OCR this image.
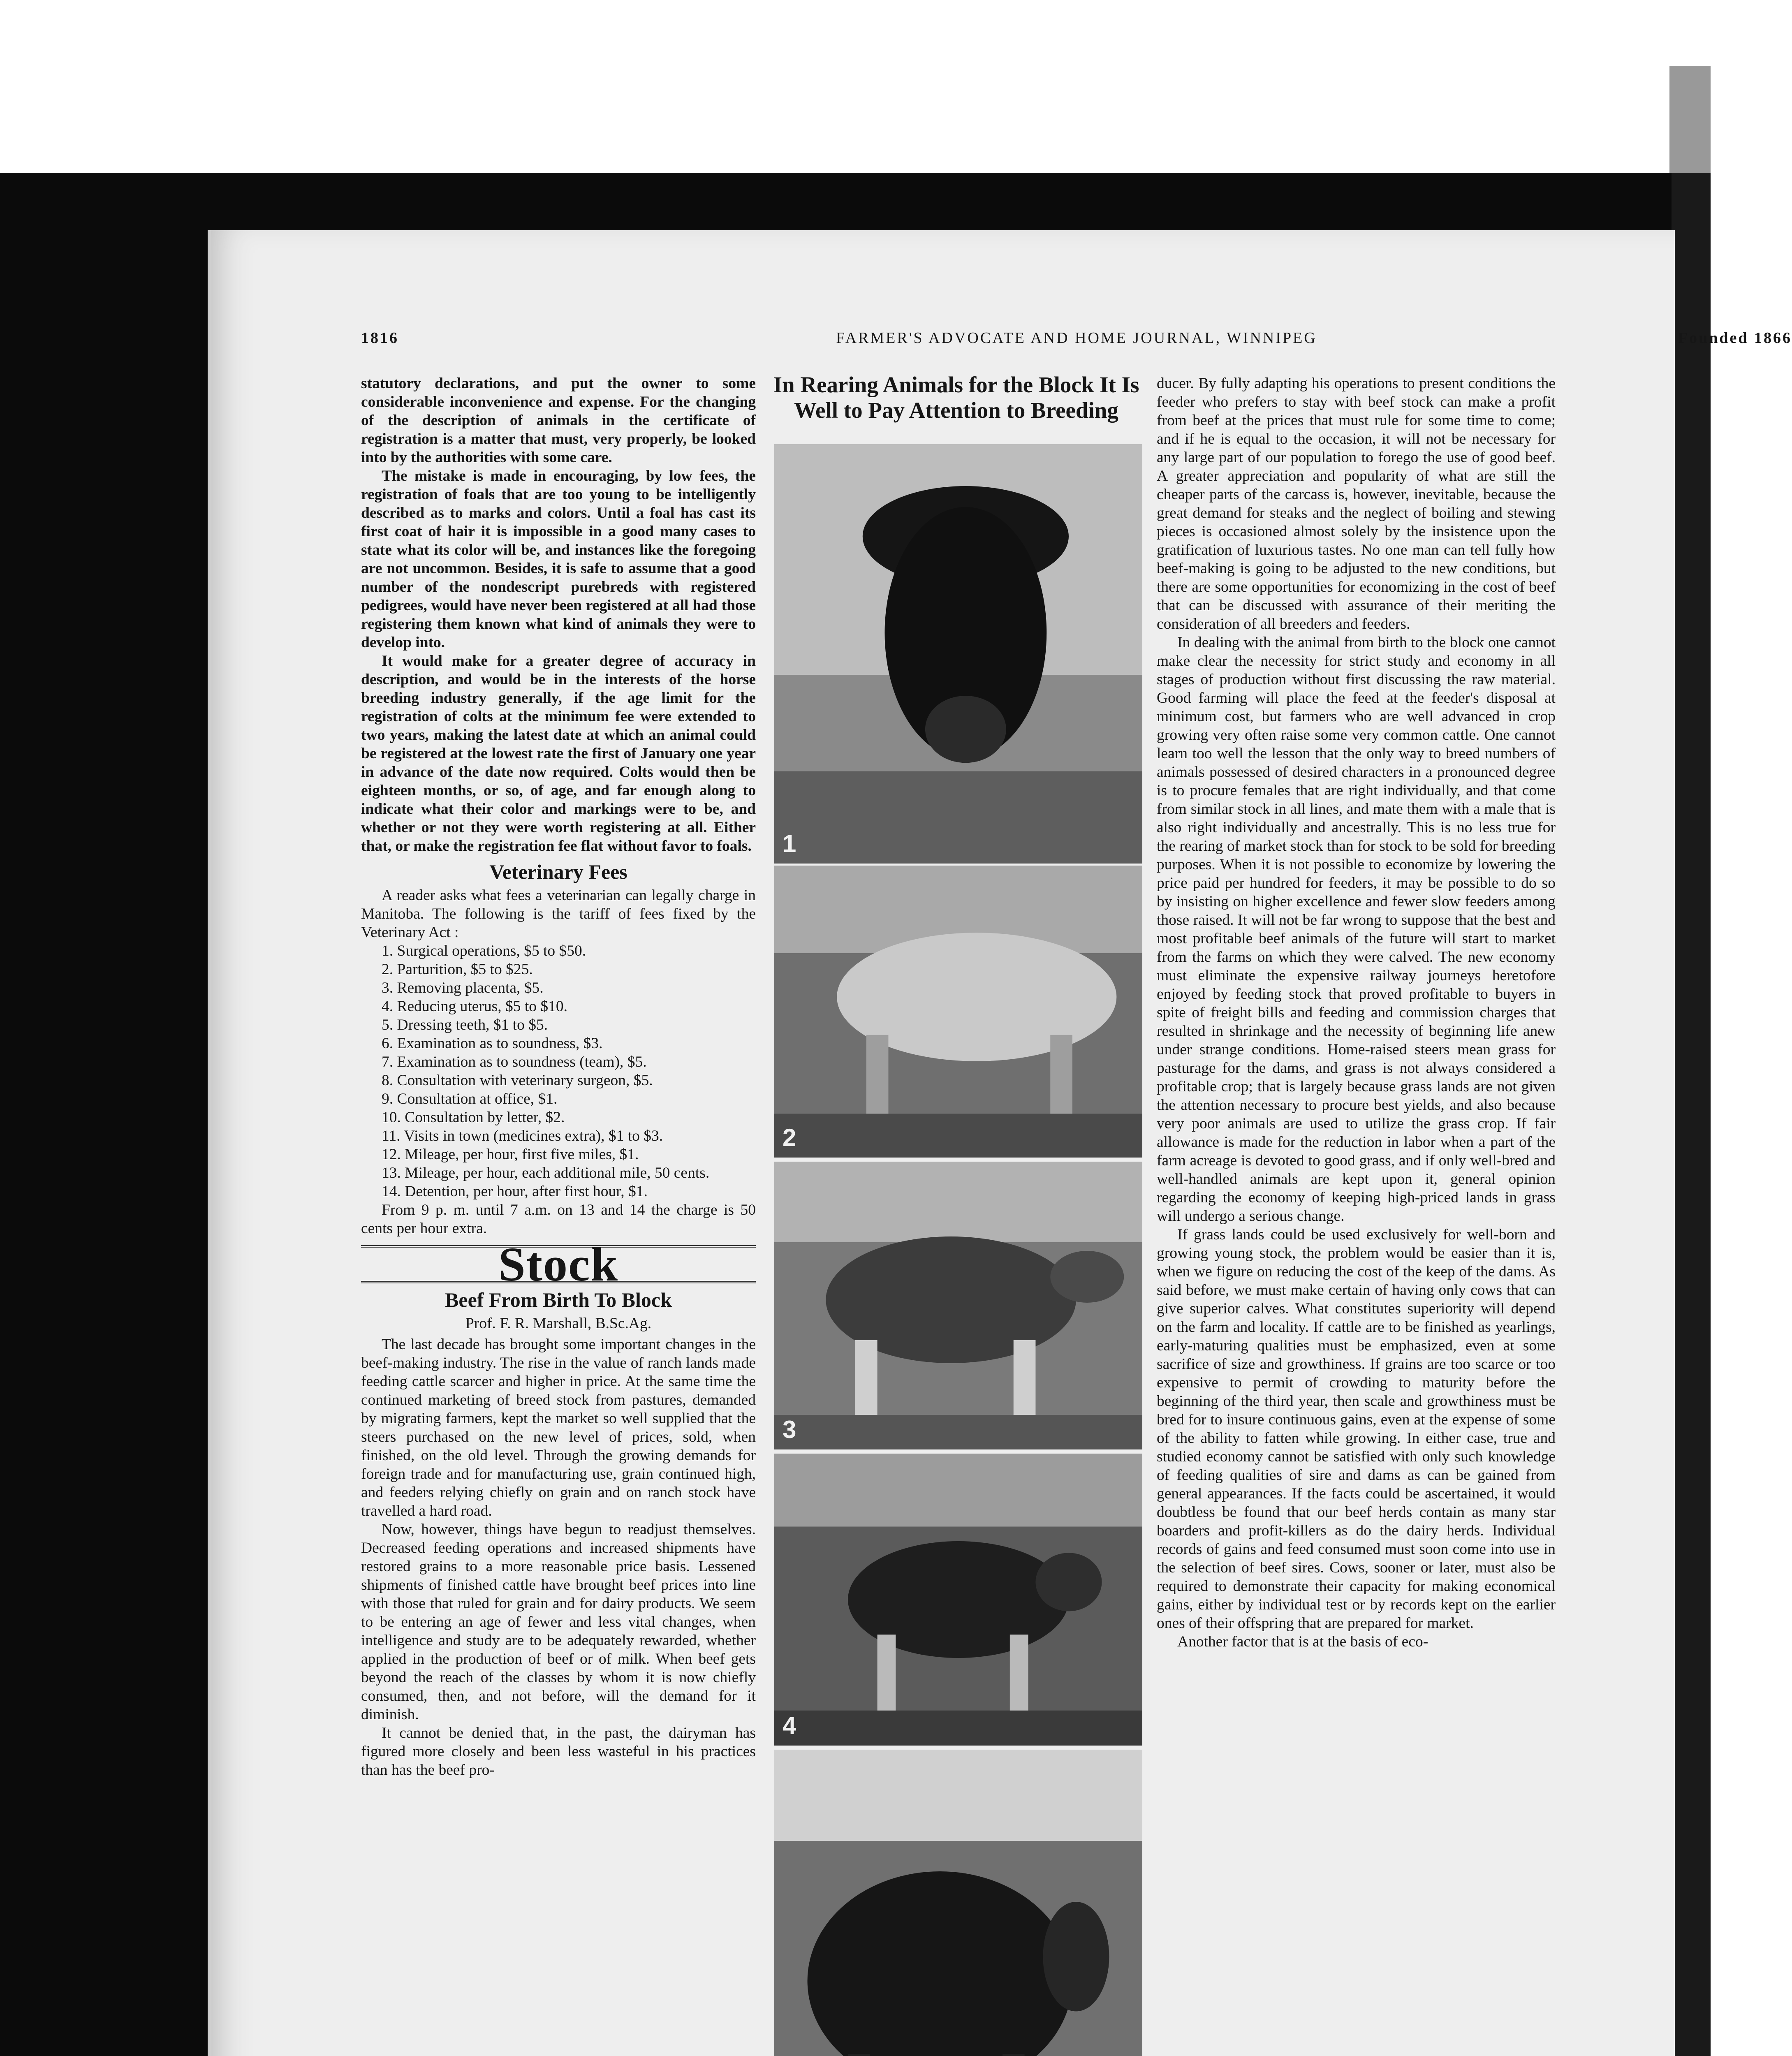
1816	FARMER'S ADVOCATE AND HOME JOURNAL, WINNIPEG	Founded 1866

statutory declarations, and put the owner to some considerable inconvenience and expense. For the changing of the description of animals in the certificate of registration is a matter that must, very properly, be looked into by the authorities with some care.

The mistake is made in encouraging, by low fees, the registration of foals that are too young to be intelligently described as to marks and colors. Until a foal has cast its first coat of hair it is impossible in a good many cases to state what its color will be, and instances like the foregoing are not uncommon. Besides, it is safe to assume that a good number of the nondescript purebreds with registered pedigrees, would have never been registered at all had those registering them known what kind of animals they were to develop into.

It would make for a greater degree of accuracy in description, and would be in the interests of the horse breeding industry generally, if the age limit for the registration of colts at the minimum fee were extended to two years, making the latest date at which an animal could be registered at the lowest rate the first of January one year in advance of the date now required. Colts would then be eighteen months, or so, of age, and far enough along to indicate what their color and markings were to be, and whether or not they were worth registering at all. Either that, or make the registration fee flat without favor to foals.

Veterinary Fees

A reader asks what fees a veterinarian can legally charge in Manitoba. The following is the tariff of fees fixed by the Veterinary Act :

1. Surgical operations, $5 to $50.
2. Parturition, $5 to $25.
3. Removing placenta, $5.
4. Reducing uterus, $5 to $10.
5. Dressing teeth, $1 to $5.
6. Examination as to soundness, $3.
7. Examination as to soundness (team), $5.
8. Consultation with veterinary surgeon, $5.
9. Consultation at office, $1.
10. Consultation by letter, $2.
11. Visits in town (medicines extra), $1 to $3.
12. Mileage, per hour, first five miles, $1.
13. Mileage, per hour, each additional mile, 50 cents.
14. Detention, per hour, after first hour, $1.

From 9 p. m. until 7 a.m. on 13 and 14 the charge is 50 cents per hour extra.

Stock
Beef From Birth To Block
Prof. F. R. Marshall, B.Sc.Ag.

The last decade has brought some important changes in the beef-making industry. The rise in the value of ranch lands made feeding cattle scarcer and higher in price. At the same time the continued marketing of breed stock from pastures, demanded by migrating farmers, kept the market so well supplied that the steers purchased on the new level of prices, sold, when finished, on the old level. Through the growing demands for foreign trade and for manufacturing use, grain continued high, and feeders relying chiefly on grain and on ranch stock have travelled a hard road.

Now, however, things have begun to readjust themselves. Decreased feeding operations and increased shipments have restored grains to a more reasonable price basis. Lessened shipments of finished cattle have brought beef prices into line with those that ruled for grain and for dairy products. We seem to be entering an age of fewer and less vital changes, when intelligence and study are to be adequately rewarded, whether applied in the production of beef or of milk. When beef gets beyond the reach of the classes by whom it is now chiefly consumed, then, and not before, will the demand for it diminish.

It cannot be denied that, in the past, the dairyman has figured more closely and been less wasteful in his practices than has the beef pro-

In Rearing Animals for the Block It Is Well to Pay Attention to Breeding
1
2
3
4

ducer. By fully adapting his operations to present conditions the feeder who prefers to stay with beef stock can make a profit from beef at the prices that must rule for some time to come; and if he is equal to the occasion, it will not be necessary for any large part of our population to forego the use of good beef. A greater appreciation and popularity of what are still the cheaper parts of the carcass is, however, inevitable, because the great demand for steaks and the neglect of boiling and stewing pieces is occasioned almost solely by the insistence upon the gratification of luxurious tastes. No one man can tell fully how beef-making is going to be adjusted to the new conditions, but there are some opportunities for economizing in the cost of beef that can be discussed with assurance of their meriting the consideration of all breeders and feeders.

In dealing with the animal from birth to the block one cannot make clear the necessity for strict study and economy in all stages of production without first discussing the raw material. Good farming will place the feed at the feeder's disposal at minimum cost, but farmers who are well advanced in crop growing very often raise some very common cattle. One cannot learn too well the lesson that the only way to breed numbers of animals possessed of desired characters in a pronounced degree is to procure females that are right individually, and that come from similar stock in all lines, and mate them with a male that is also right individually and ancestrally. This is no less true for the rearing of market stock than for stock to be sold for breeding purposes. When it is not possible to economize by lowering the price paid per hundred for feeders, it may be possible to do so by insisting on higher excellence and fewer slow feeders among those raised. It will not be far wrong to suppose that the best and most profitable beef animals of the future will start to market from the farms on which they were calved. The new economy must eliminate the expensive railway journeys heretofore enjoyed by feeding stock that proved profitable to buyers in spite of freight bills and feeding and commission charges that resulted in shrinkage and the necessity of beginning life anew under strange conditions. Home-raised steers mean grass for pasturage for the dams, and grass is not always considered a profitable crop; that is largely because grass lands are not given the attention necessary to procure best yields, and also because very poor animals are used to utilize the grass crop. If fair allowance is made for the reduction in labor when a part of the farm acreage is devoted to good grass, and if only well-bred and well-handled animals are kept upon it, general opinion regarding the economy of keeping high-priced lands in grass will undergo a serious change.

If grass lands could be used exclusively for well-born and growing young stock, the problem would be easier than it is, when we figure on reducing the cost of the keep of the dams. As said before, we must make certain of having only cows that can give superior calves. What constitutes superiority will depend on the farm and locality. If cattle are to be finished as yearlings, early-maturing qualities must be emphasized, even at some sacrifice of size and growthiness. If grains are too scarce or too expensive to permit of crowding to maturity before the beginning of the third year, then scale and growthiness must be bred for to insure continuous gains, even at the expense of some of the ability to fatten while growing. In either case, true and studied economy cannot be satisfied with only such knowledge of feeding qualities of sire and dams as can be gained from general appearances. If the facts could be ascertained, it would doubtless be found that our beef herds contain as many star boarders and profit-killers as do the dairy herds. Individual records of gains and feed consumed must soon come into use in the selection of beef sires. Cows, sooner or later, must also be required to demonstrate their capacity for making economical gains, either by individual test or by records kept on the earlier ones of their offspring that are prepared for market.

Another factor that is at the basis of eco-
